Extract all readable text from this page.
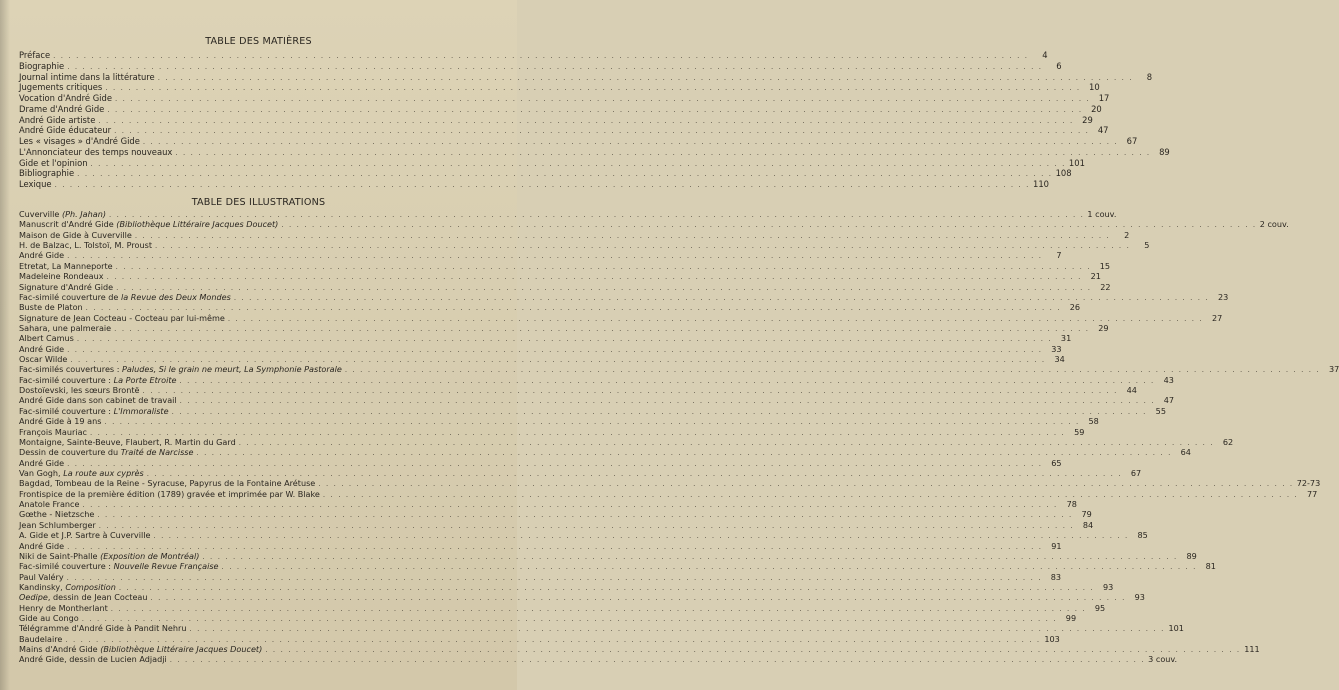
TABLE DES MATIÈRES
Préface . . .	4
Biographie . . .	6
Journal intime dans la littérature . . .	8
Jugements critiques . . .	10
Vocation d'André Gide . . .	17
Drame d'André Gide . . .	20
André Gide artiste . . .	29
André Gide éducateur . . .	47
Les « visages » d'André Gide . . .	67
L'Annonciateur des temps nouveaux . . .	89
Gide et l'opinion . . .	101
Bibliographie . . .	108
Lexique . . .	110
TABLE DES ILLUSTRATIONS
Cuverville (Ph. Jahan) . . .	1 couv.
Manuscrit d'André Gide (Bibliothèque Littéraire Jacques Doucet) . . .	2 couv.
Maison de Gide à Cuverville . . .	2
H. de Balzac, L. Tolstoï, M. Proust . . .	5
André Gide . . .	7
Etretat, La Manneporte . . .	15
Madeleine Rondeaux . . .	21
Signature d'André Gide . . .	22
Fac-similé couverture de la Revue des Deux Mondes . . .	23
Buste de Platon . . .	26
Signature de Jean Cocteau - Cocteau par lui-même . . .	27
Sahara, une palmeraie . . .	29
Albert Camus . . .	31
André Gide . . .	33
Oscar Wilde . . .	34
Fac-similés couvertures : Paludes, Si le grain ne meurt, La Symphonie Pastorale . . .	37
Fac-similé couverture : La Porte Etroite . . .	43
Dostoïevski, les sœurs Brontë . . .	44
André Gide dans son cabinet de travail . . .	47
Fac-similé couverture : L'Immoraliste . . .	55
André Gide à 19 ans . . .	58
François Mauriac . . .	59
Montaigne, Sainte-Beuve, Flaubert, R. Martin du Gard . . .	62
Dessin de couverture du Traité de Narcisse . . .	64
André Gide . . .	65
Van Gogh, La route aux cyprès . . .	67
Bagdad, Tombeau de la Reine - Syracuse, Papyrus de la Fontaine Arétuse . . .	72-73
Frontispice de la première édition (1789) gravée et imprimée par W. Blake . . .	77
Anatole France . . .	78
Gœthe - Nietzsche . . .	79
Jean Schlumberger . . .	84
A. Gide et J.P. Sartre à Cuverville . . .	85
André Gide . . .	91
Niki de Saint-Phalle (Exposition de Montréal) . . .	89
Fac-similé couverture : Nouvelle Revue Française . . .	81
Paul Valéry . . .	83
Kandinsky, Composition . . .	93
Oedipe, dessin de Jean Cocteau . . .	93
Henry de Montherlant . . .	95
Gide au Congo . . .	99
Télégramme d'André Gide à Pandit Nehru . . .	101
Baudelaire . . .	103
Mains d'André Gide (Bibliothèque Littéraire Jacques Doucet) . . .	111
André Gide, dessin de Lucien Adjadji . . .	3 couv.
